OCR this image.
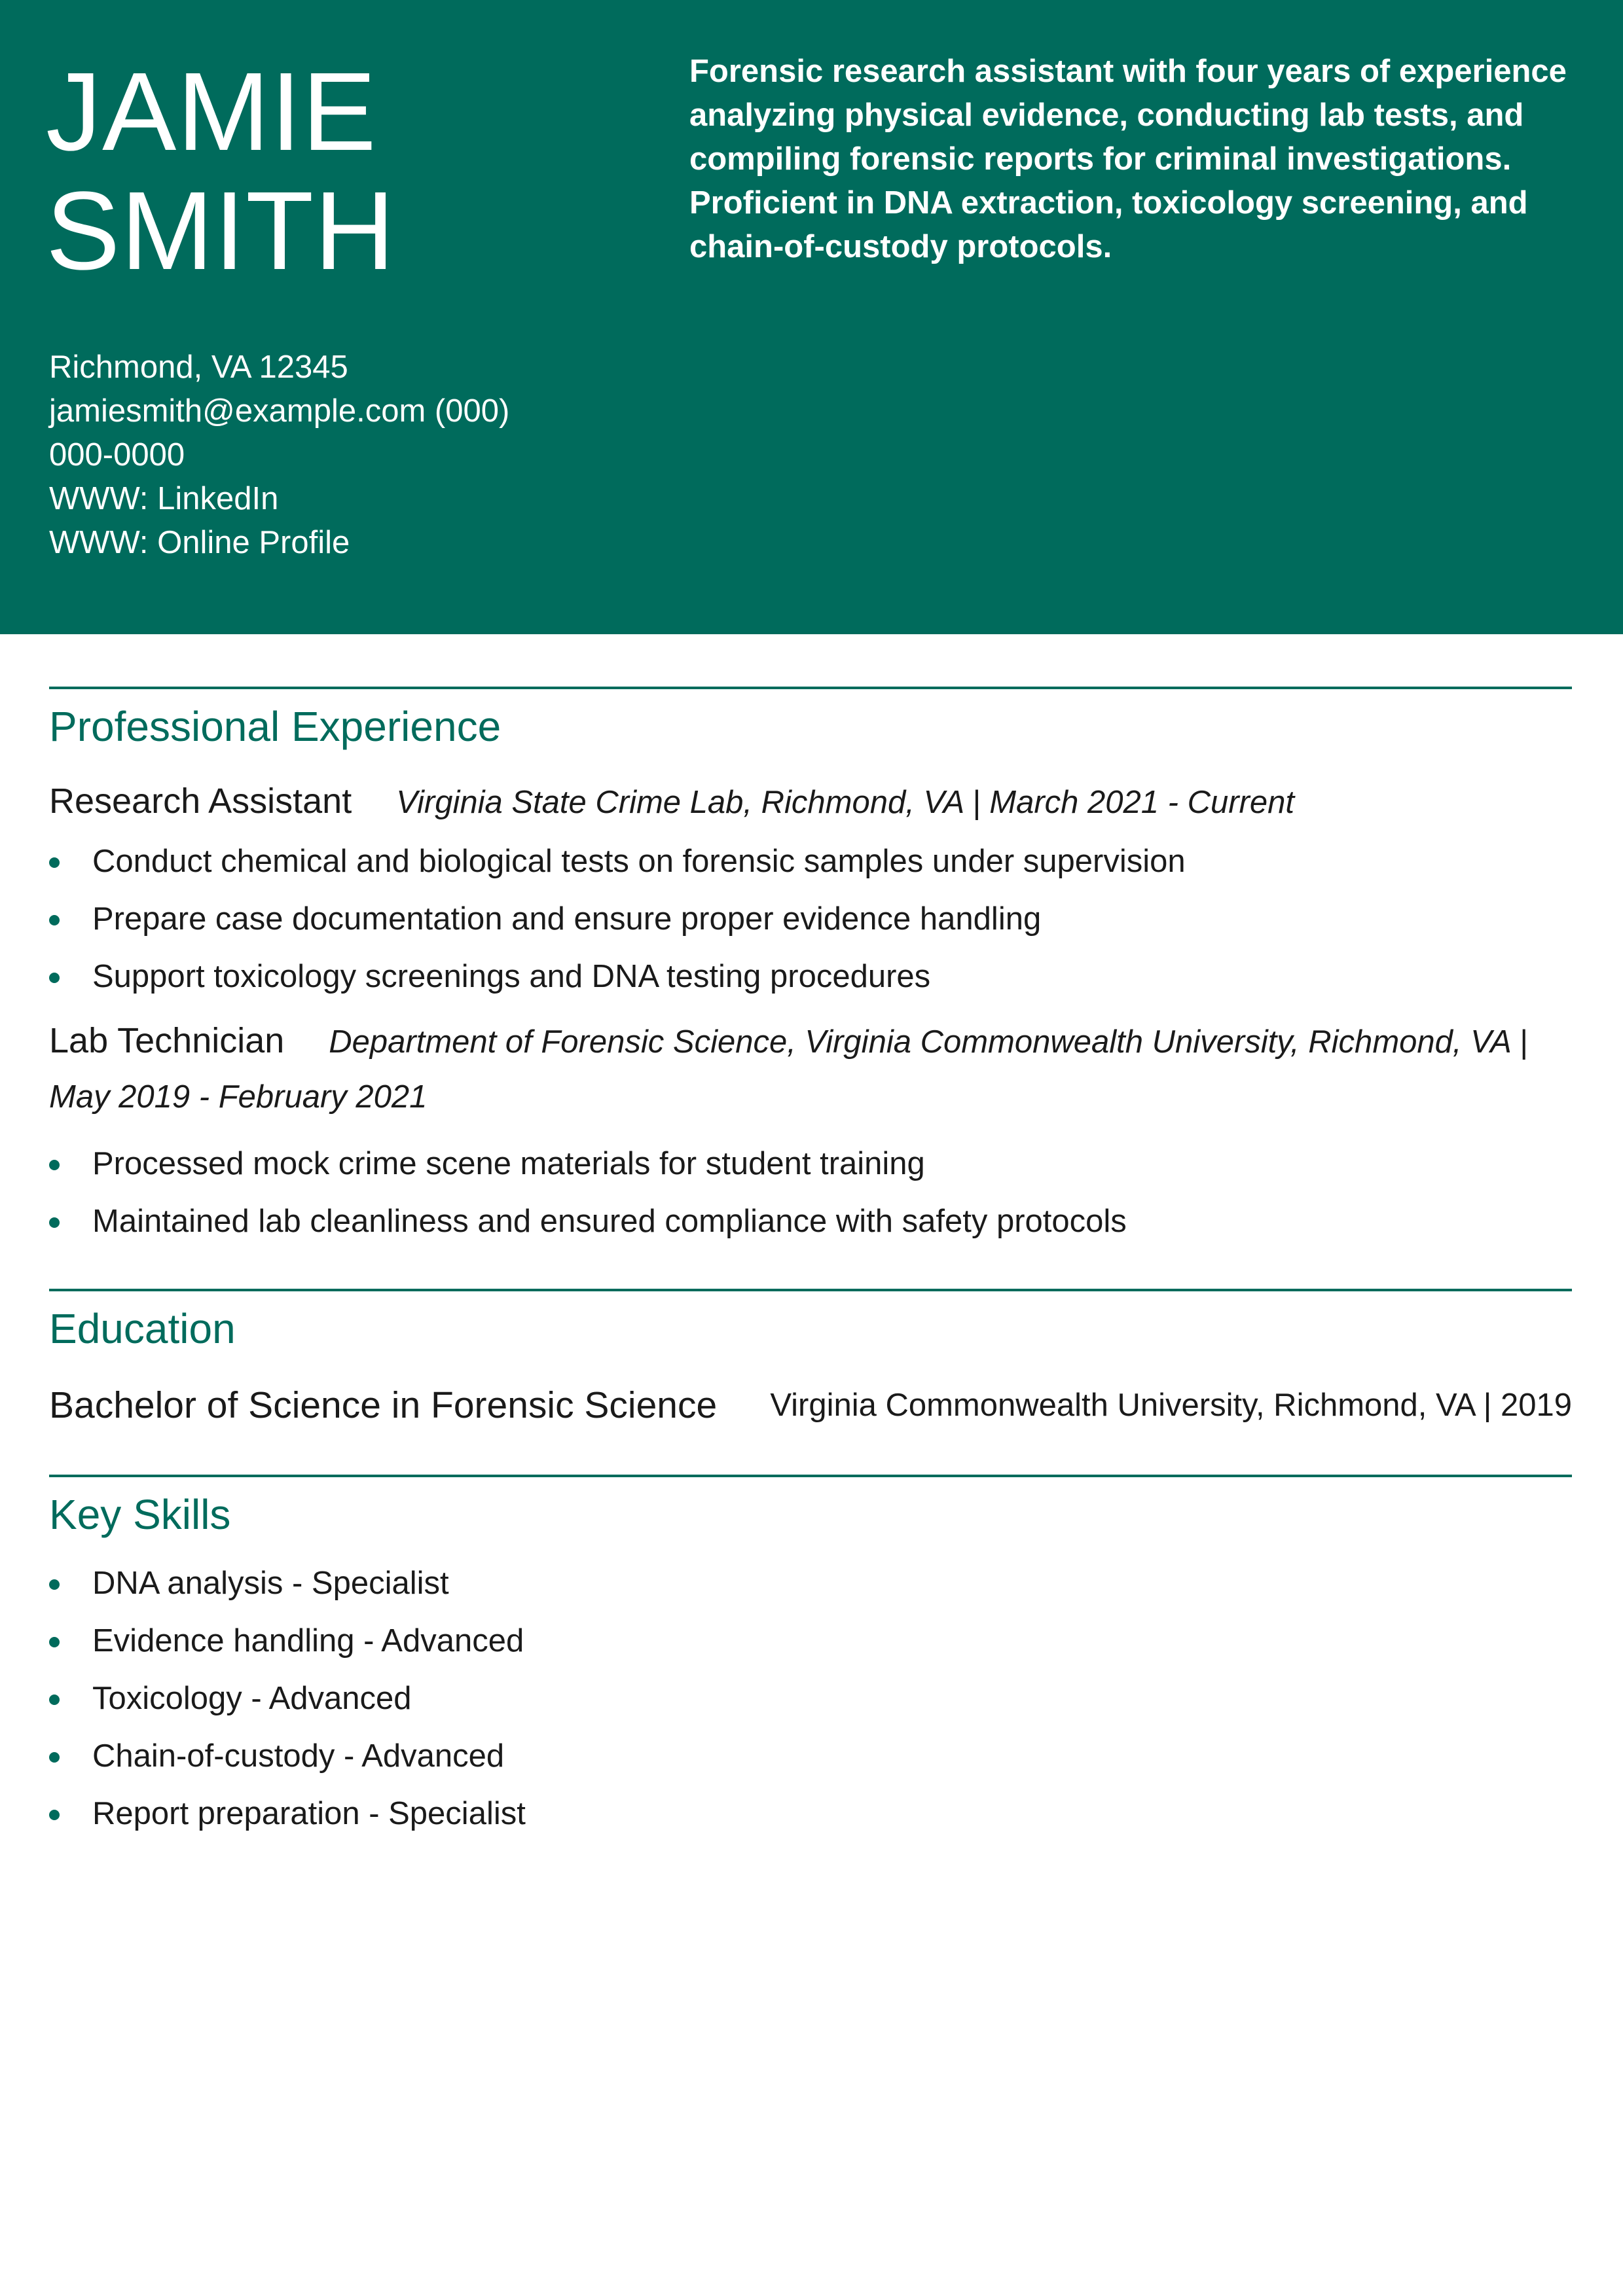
JAMIE
SMITH
Forensic research assistant with four years of experience analyzing physical evidence, conducting lab tests, and compiling forensic reports for criminal investigations. Proficient in DNA extraction, toxicology screening, and chain-of-custody protocols.
Richmond, VA 12345
jamiesmith@example.com (000)
000-0000
WWW: LinkedIn
WWW: Online Profile
Professional Experience
Research Assistant Virginia State Crime Lab, Richmond, VA | March 2021 - Current
Conduct chemical and biological tests on forensic samples under supervision
Prepare case documentation and ensure proper evidence handling
Support toxicology screenings and DNA testing procedures
Lab Technician Department of Forensic Science, Virginia Commonwealth University, Richmond, VA | May 2019 - February 2021
Processed mock crime scene materials for student training
Maintained lab cleanliness and ensured compliance with safety protocols
Education
Bachelor of Science in Forensic Science Virginia Commonwealth University, Richmond, VA | 2019
Key Skills
DNA analysis - Specialist
Evidence handling - Advanced
Toxicology - Advanced
Chain-of-custody - Advanced
Report preparation - Specialist
